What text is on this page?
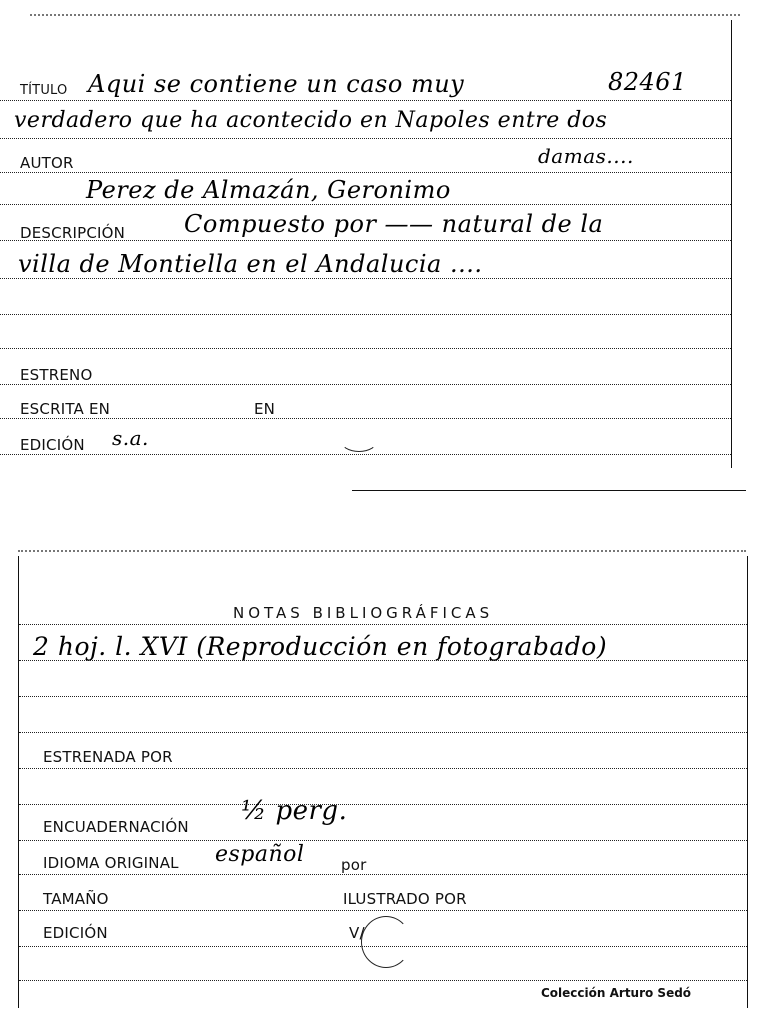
TÍTULO Aqui se contiene un caso muy	82461
verdadero que ha acontecido en Napoles entre dos
AUTOR	damas....
Perez de Almazán, Geronimo
DESCRIPCIÓN Compuesto por —— natural de la
villa de Montiella en el Andalucia ....
ESTRENO
ESCRITA EN	EN
EDICIÓN s.a.
NOTAS BIBLIOGRÁFICAS
2 hoj. l. XVI (Reproducción en fotograbado)
ESTRENADA POR
ENCUADERNACIÓN
½ perg.
IDIOMA ORIGINAL español por
TAMAÑO	ILUSTRADO POR
EDICIÓN	V/
Colección Arturo Sedó
